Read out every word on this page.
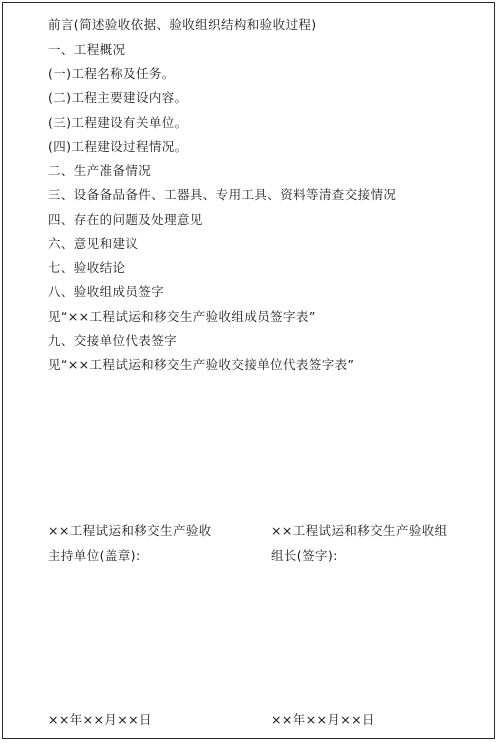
前言(简述验收依据、验收组织结构和验收过程)
一、工程概况
(一)工程名称及任务。
(二)工程主要建设内容。
(三)工程建设有关单位。
(四)工程建设过程情况。
二、生产准备情况
三、设备备品备件、工器具、专用工具、资料等清查交接情况
四、存在的问题及处理意见
六、意见和建议
七、验收结论
八、验收组成员签字
见“××工程试运和移交生产验收组成员签字表”
九、交接单位代表签字
见“××工程试运和移交生产验收交接单位代表签字表”
××工程试运和移交生产验收
主持单位(盖章):
××工程试运和移交生产验收组
组长(签字):
××年××月××日	××年××月××日
